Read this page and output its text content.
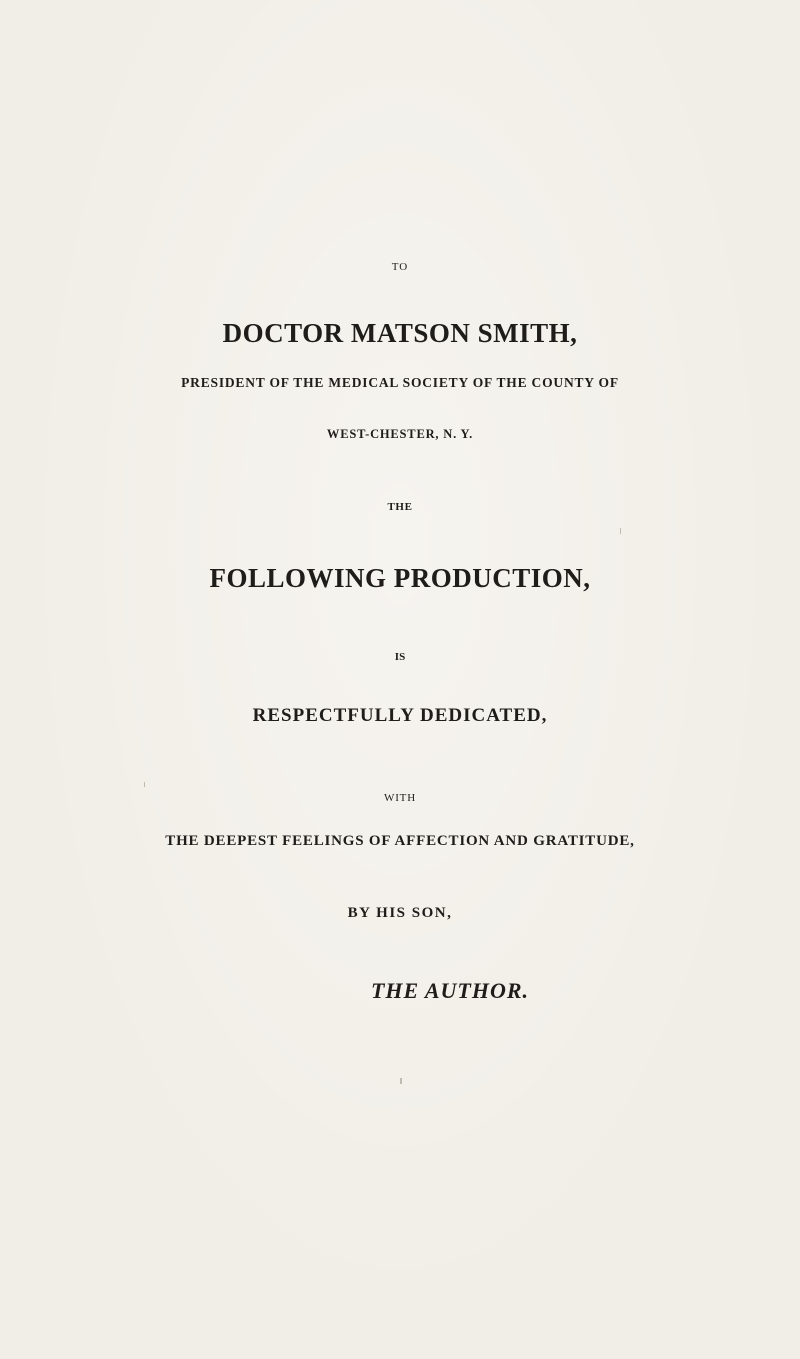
TO
DOCTOR MATSON SMITH,
PRESIDENT OF THE MEDICAL SOCIETY OF THE COUNTY OF
WEST-CHESTER, N. Y.
THE
FOLLOWING PRODUCTION,
IS
RESPECTFULLY DEDICATED,
WITH
THE DEEPEST FEELINGS OF AFFECTION AND GRATITUDE,
BY HIS SON,
THE AUTHOR.
